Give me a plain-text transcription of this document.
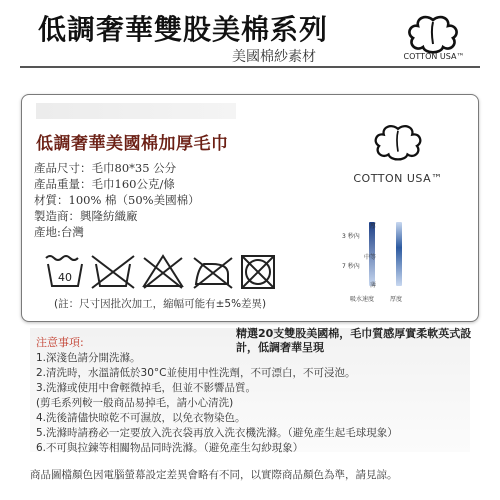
低調奢華雙股美棉系列
美國棉紗素材	COTTON USA™
低調奢華美國棉加厚毛巾
產品尺寸：毛巾80*35 公分
產品重量：毛巾160公克/條
材質：100% 棉（50%美國棉）
製造商：興隆紡織廠
產地:台灣
COTTON USA™
3 秒內
7 秒內
厚
中等
薄
吸水速度	厚度
40
(註：尺寸因批次加工，縮幅可能有±5%差異)
注意事項:
精選20支雙股美國棉，毛巾質感厚實柔軟英式設計，低調奢華呈現
1.深淺色請分開洗滌。
2.清洗時，水溫請低於30°C並使用中性洗劑，不可漂白，不可浸泡。
3.洗滌或使用中會輕微掉毛，但並不影響品質。
(剪毛系列較一般商品易掉毛，請小心清洗)
4.洗後請儘快晾乾不可濕放，以免衣物染色。
5.洗滌時請務必一定要放入洗衣袋再放入洗衣機洗滌。（避免產生起毛球現象）
6.不可與拉鍊等相關物品同時洗滌。（避免產生勾紗現象）
商品圖檔顏色因電腦螢幕設定差異會略有不同，以實際商品顏色為準，請見諒。
